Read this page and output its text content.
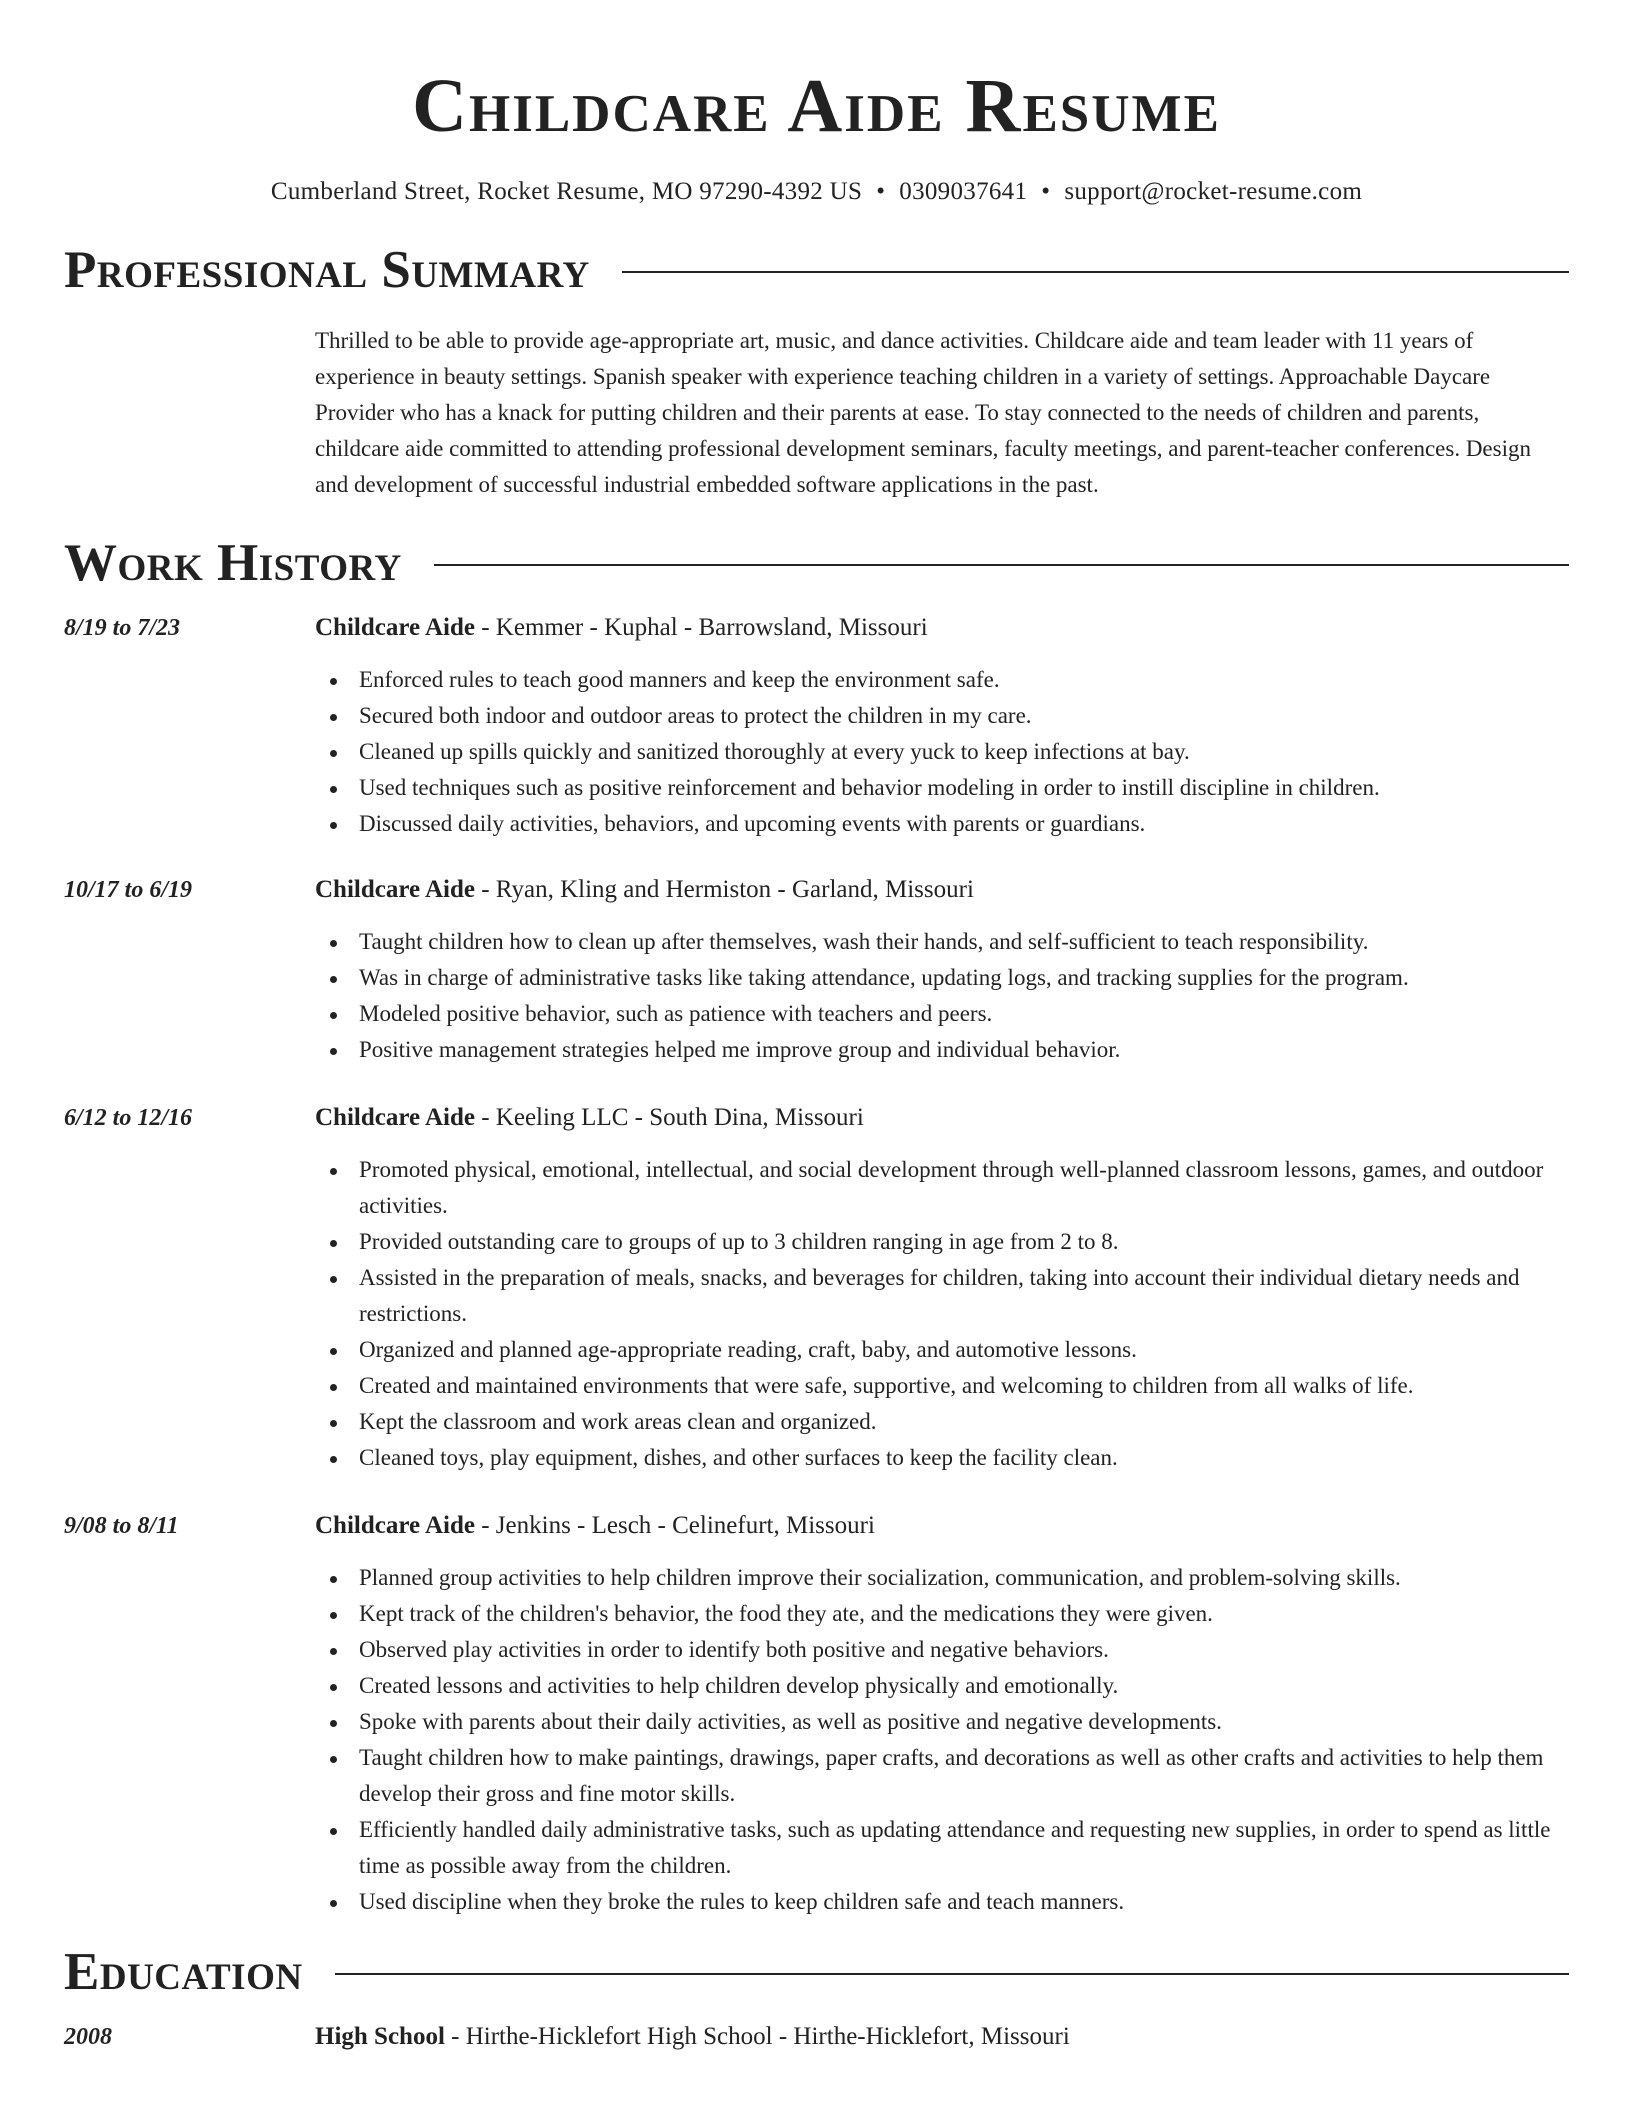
Childcare Aide Resume
Cumberland Street, Rocket Resume, MO 97290-4392 US • 0309037641 • support@rocket-resume.com
Professional Summary

Thrilled to be able to provide age-appropriate art, music, and dance activities. Childcare aide and team leader with 11 years of experience in beauty settings. Spanish speaker with experience teaching children in a variety of settings. Approachable Daycare Provider who has a knack for putting children and their parents at ease. To stay connected to the needs of children and parents, childcare aide committed to attending professional development seminars, faculty meetings, and parent-teacher conferences. Design and development of successful industrial embedded software applications in the past.

Work History
8/19 to 7/23	Childcare Aide - Kemmer - Kuphal - Barrowsland, Missouri
Enforced rules to teach good manners and keep the environment safe.
Secured both indoor and outdoor areas to protect the children in my care.
Cleaned up spills quickly and sanitized thoroughly at every yuck to keep infections at bay.
Used techniques such as positive reinforcement and behavior modeling in order to instill discipline in children.
Discussed daily activities, behaviors, and upcoming events with parents or guardians.
10/17 to 6/19	Childcare Aide - Ryan, Kling and Hermiston - Garland, Missouri
Taught children how to clean up after themselves, wash their hands, and self-sufficient to teach responsibility.
Was in charge of administrative tasks like taking attendance, updating logs, and tracking supplies for the program.
Modeled positive behavior, such as patience with teachers and peers.
Positive management strategies helped me improve group and individual behavior.
6/12 to 12/16	Childcare Aide - Keeling LLC - South Dina, Missouri
Promoted physical, emotional, intellectual, and social development through well-planned classroom lessons, games, and outdoor activities.
Provided outstanding care to groups of up to 3 children ranging in age from 2 to 8.
Assisted in the preparation of meals, snacks, and beverages for children, taking into account their individual dietary needs and restrictions.
Organized and planned age-appropriate reading, craft, baby, and automotive lessons.
Created and maintained environments that were safe, supportive, and welcoming to children from all walks of life.
Kept the classroom and work areas clean and organized.
Cleaned toys, play equipment, dishes, and other surfaces to keep the facility clean.
9/08 to 8/11	Childcare Aide - Jenkins - Lesch - Celinefurt, Missouri
Planned group activities to help children improve their socialization, communication, and problem-solving skills.
Kept track of the children's behavior, the food they ate, and the medications they were given.
Observed play activities in order to identify both positive and negative behaviors.
Created lessons and activities to help children develop physically and emotionally.
Spoke with parents about their daily activities, as well as positive and negative developments.
Taught children how to make paintings, drawings, paper crafts, and decorations as well as other crafts and activities to help them develop their gross and fine motor skills.
Efficiently handled daily administrative tasks, such as updating attendance and requesting new supplies, in order to spend as little time as possible away from the children.
Used discipline when they broke the rules to keep children safe and teach manners.
Education
2008	High School - Hirthe-Hicklefort High School - Hirthe-Hicklefort, Missouri
